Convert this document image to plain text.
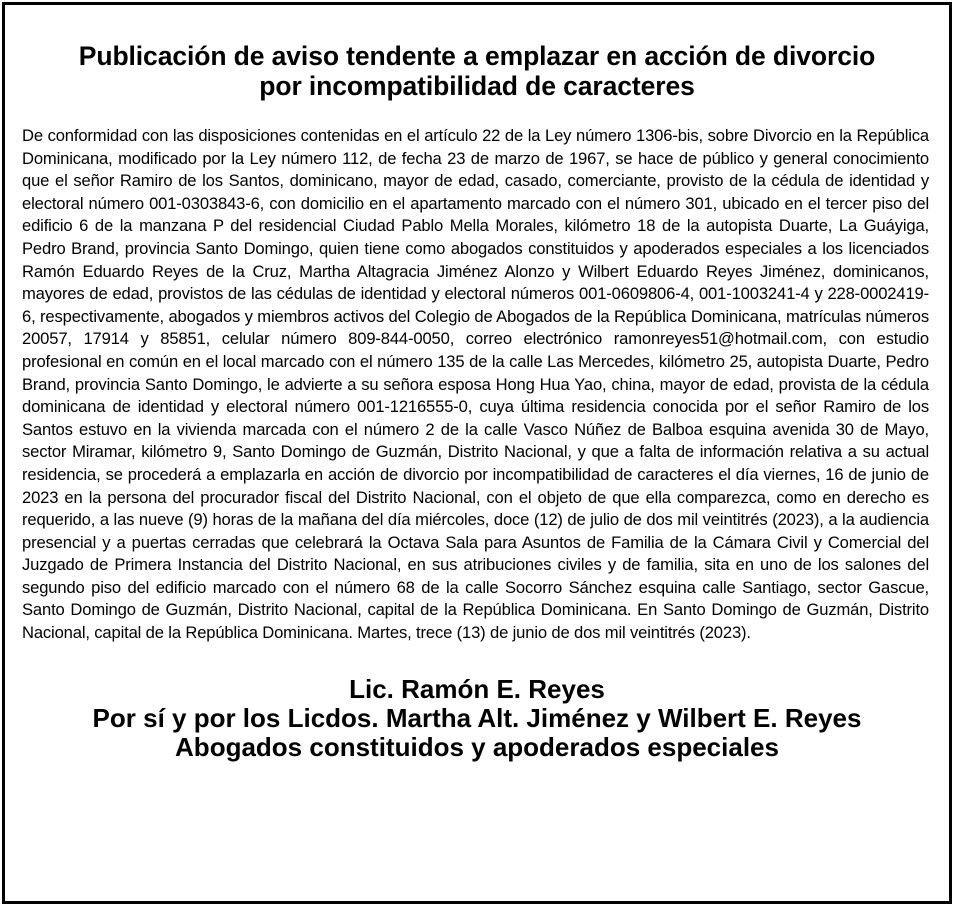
Publicación de aviso tendente a emplazar en acción de divorcio
por incompatibilidad de caracteres

De conformidad con las disposiciones contenidas en el artículo 22 de la Ley número 1306-bis, sobre Divorcio en la República Dominicana, modificado por la Ley número 112, de fecha 23 de marzo de 1967, se hace de público y general conocimiento que el señor Ramiro de los Santos, dominicano, mayor de edad, casado, comerciante, provisto de la cédula de identidad y electoral número 001-0303843-6, con domicilio en el apartamento marcado con el número 301, ubicado en el tercer piso del edificio 6 de la manzana P del residencial Ciudad Pablo Mella Morales, kilómetro 18 de la autopista Duarte, La Guáyiga, Pedro Brand, provincia Santo Domingo, quien tiene como abogados constituidos y apoderados especiales a los licenciados Ramón Eduardo Reyes de la Cruz, Martha Altagracia Jiménez Alonzo y Wilbert Eduardo Reyes Jiménez, dominicanos, mayores de edad, provistos de las cédulas de identidad y electoral números 001-0609806-4, 001-1003241-4 y 228-0002419-6, respectivamente, abogados y miembros activos del Colegio de Abogados de la República Dominicana, matrículas números 20057, 17914 y 85851, celular número 809-844-0050, correo electrónico ramonreyes51@hotmail.com, con estudio profesional en común en el local marcado con el número 135 de la calle Las Mercedes, kilómetro 25, autopista Duarte, Pedro Brand, provincia Santo Domingo, le advierte a su señora esposa Hong Hua Yao, china, mayor de edad, provista de la cédula dominicana de identidad y electoral número 001-1216555-0, cuya última residencia conocida por el señor Ramiro de los Santos estuvo en la vivienda marcada con el número 2 de la calle Vasco Núñez de Balboa esquina avenida 30 de Mayo, sector Miramar, kilómetro 9, Santo Domingo de Guzmán, Distrito Nacional, y que a falta de información relativa a su actual residencia, se procederá a emplazarla en acción de divorcio por incompatibilidad de caracteres el día viernes, 16 de junio de 2023 en la persona del procurador fiscal del Distrito Nacional, con el objeto de que ella comparezca, como en derecho es requerido, a las nueve (9) horas de la mañana del día miércoles, doce (12) de julio de dos mil veintitrés (2023), a la audiencia presencial y a puertas cerradas que celebrará la Octava Sala para Asuntos de Familia de la Cámara Civil y Comercial del Juzgado de Primera Instancia del Distrito Nacional, en sus atribuciones civiles y de familia, sita en uno de los salones del segundo piso del edificio marcado con el número 68 de la calle Socorro Sánchez esquina calle Santiago, sector Gascue, Santo Domingo de Guzmán, Distrito Nacional, capital de la República Dominicana. En Santo Domingo de Guzmán, Distrito Nacional, capital de la República Dominicana. Martes, trece (13) de junio de dos mil veintitrés (2023).

Lic. Ramón E. Reyes
Por sí y por los Licdos. Martha Alt. Jiménez y Wilbert E. Reyes
Abogados constituidos y apoderados especiales
